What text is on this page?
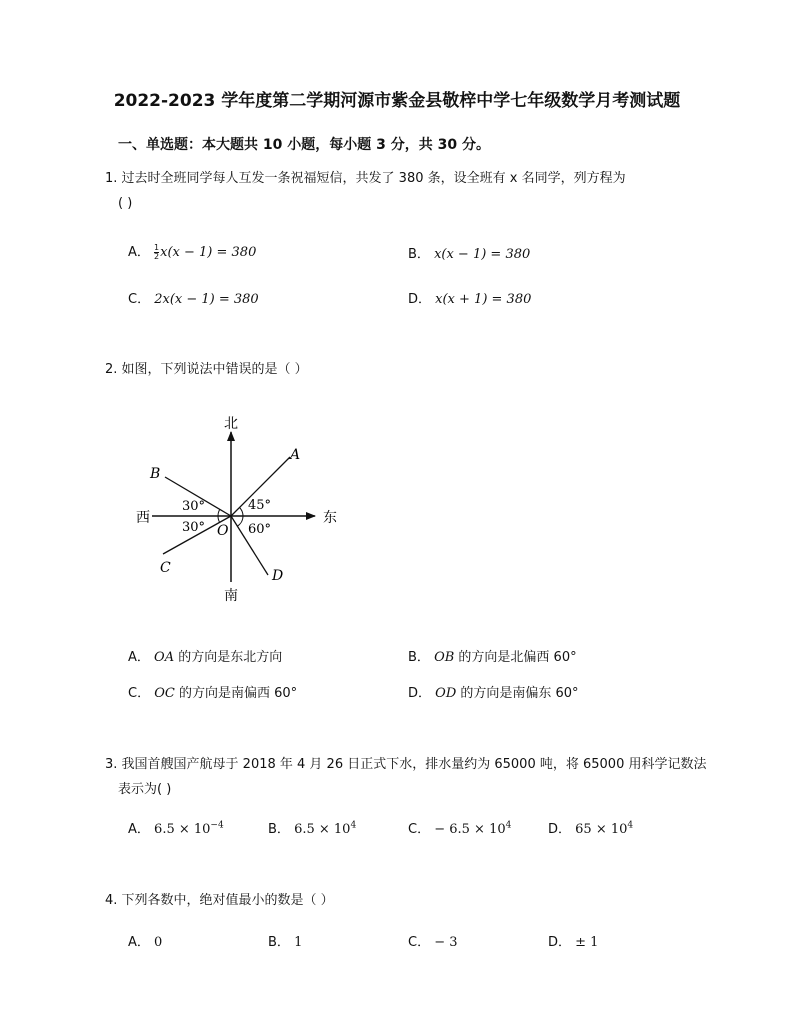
2022-2023 学年度第二学期河源市紫金县敬梓中学七年级数学月考测试题
一、单选题：本大题共 10 小题，每小题 3 分，共 30 分。
1. 过去时全班同学每人互发一条祝福短信，共发了 380 条，设全班有 x 名同学，列方程为
( )
A． $\frac{1}{2} x(x - 1) = 380$	B． x(x − 1) = 380
C． 2x(x − 1) = 380	D． x(x + 1) = 380
2. 如图，下列说法中错误的是（ ）
北
南
东
西
A
B
C	D
O
30°
30°
45°
60°
A． OA 的方向是东北方向	B． OB 的方向是北偏西 60°
C． OC 的方向是南偏西 60°	D． OD 的方向是南偏东 60°
3. 我国首艘国产航母于 2018 年 4 月 26 日正式下水，排水量约为 65000 吨，将 65000 用科学记数法
表示为( )
A． $6.5 \times 10^{-4}$	B． $6.5 \times 10^4$	C． − $6.5 \times 10^4$	D． $65 \times 10^4$
4. 下列各数中，绝对值最小的数是（ ）
A． 0	B． 1	C． − 3	D． ± 1
